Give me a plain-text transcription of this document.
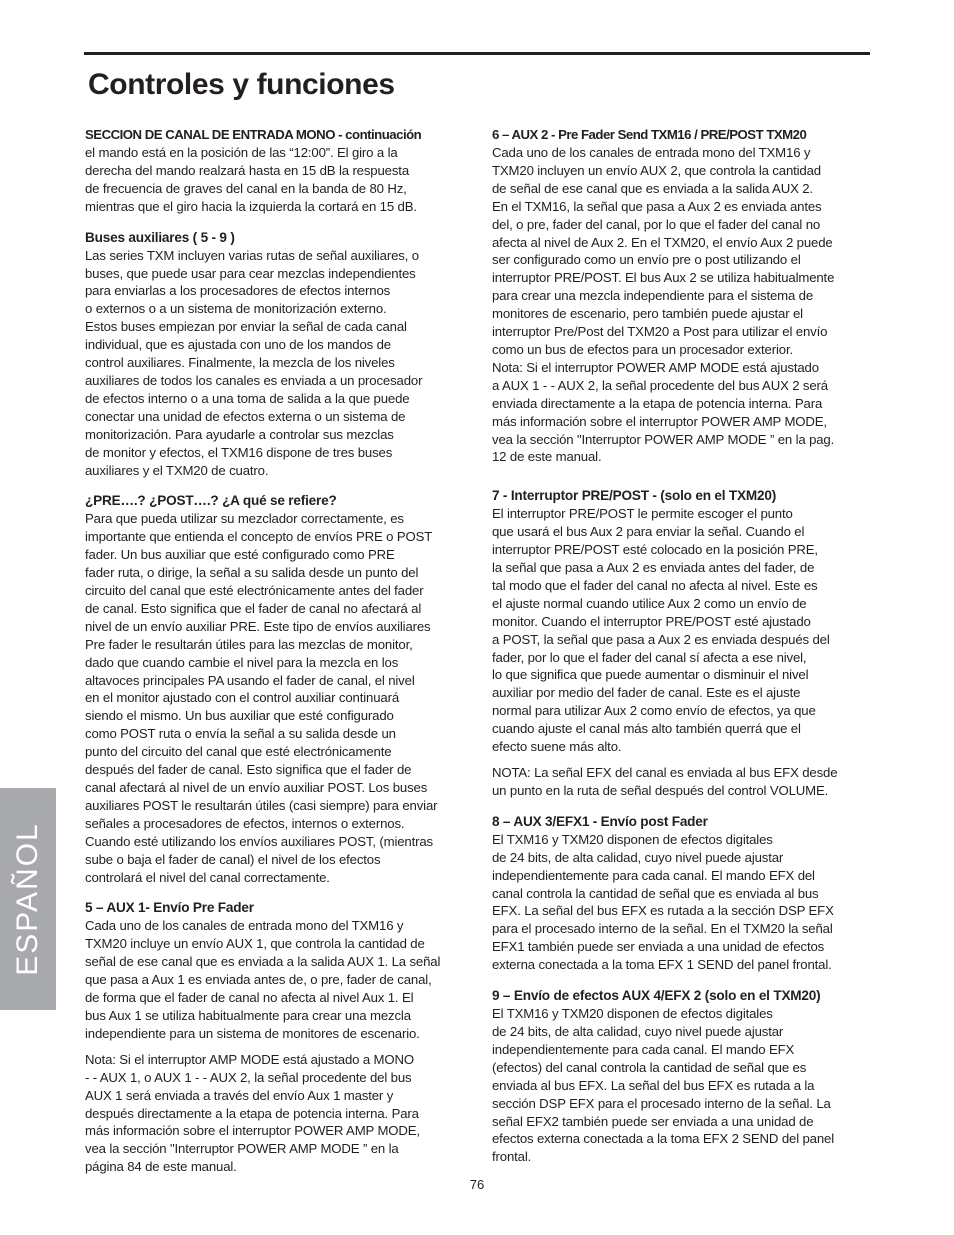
Controles y funciones
SECCION DE CANAL DE ENTRADA MONO - continuación

el mando está en la posición de las “12:00”. El giro a la
derecha del mando realzará hasta en 15 dB la respuesta
de frecuencia de graves del canal en la banda de 80 Hz,
mientras que el giro hacia la izquierda la cortará en 15 dB.

Buses auxiliares ( 5 - 9 )

Las series TXM incluyen varias rutas de señal auxiliares, o
buses, que puede usar para cear mezclas independientes
para enviarlas a los procesadores de efectos internos
o externos o a un sistema de monitorización externo.
Estos buses empiezan por enviar la señal de cada canal
individual, que es ajustada con uno de los mandos de
control auxiliares. Finalmente, la mezcla de los niveles
auxiliares de todos los canales es enviada a un procesador
de efectos interno o a una toma de salida a la que puede
conectar una unidad de efectos externa o un sistema de
monitorización. Para ayudarle a controlar sus mezclas
de monitor y efectos, el TXM16 dispone de tres buses
auxiliares y el TXM20 de cuatro.

¿PRE….? ¿POST….? ¿A qué se refiere?

Para que pueda utilizar su mezclador correctamente, es
importante que entienda el concepto de envíos PRE o POST
fader. Un bus auxiliar que esté configurado como PRE
fader ruta, o dirige, la señal a su salida desde un punto del
circuito del canal que esté electrónicamente antes del fader
de canal. Esto significa que el fader de canal no afectará al
nivel de un envío auxiliar PRE. Este tipo de envíos auxiliares
Pre fader le resultarán útiles para las mezclas de monitor,
dado que cuando cambie el nivel para la mezcla en los
altavoces principales PA usando el fader de canal, el nivel
en el monitor ajustado con el control auxiliar continuará
siendo el mismo. Un bus auxiliar que esté configurado
como POST ruta o envía la señal a su salida desde un
punto del circuito del canal que esté electrónicamente
después del fader de canal. Esto significa que el fader de
canal afectará al nivel de un envío auxiliar POST. Los buses
auxiliares POST le resultarán útiles (casi siempre) para enviar
señales a procesadores de efectos, internos o externos.
Cuando esté utilizando los envíos auxiliares POST, (mientras
sube o baja el fader de canal) el nivel de los efectos
controlará el nivel del canal correctamente.

5 – AUX 1- Envío Pre Fader

Cada uno de los canales de entrada mono del TXM16 y
TXM20 incluye un envío AUX 1, que controla la cantidad de
señal de ese canal que es enviada a la salida AUX 1. La señal
que pasa a Aux 1 es enviada antes de, o pre, fader de canal,
de forma que el fader de canal no afecta al nivel Aux 1. El
bus Aux 1 se utiliza habitualmente para crear una mezcla
independiente para un sistema de monitores de escenario.

Nota: Si el interruptor AMP MODE está ajustado a MONO
- - AUX 1, o AUX 1 - - AUX 2, la señal procedente del bus
AUX 1 será enviada a través del envío Aux 1 master y
después directamente a la etapa de potencia interna. Para
más información sobre el interruptor POWER AMP MODE,
vea la sección "Interruptor POWER AMP MODE ” en la
página 84 de este manual.

6 – AUX 2 - Pre Fader Send TXM16 / PRE/POST TXM20

Cada uno de los canales de entrada mono del TXM16 y
TXM20 incluyen un envío AUX 2, que controla la cantidad
de señal de ese canal que es enviada a la salida AUX 2.
En el TXM16, la señal que pasa a Aux 2 es enviada antes
del, o pre, fader del canal, por lo que el fader del canal no
afecta al nivel de Aux 2. En el TXM20, el envío Aux 2 puede
ser configurado como un envío pre o post utilizando el
interruptor PRE/POST. El bus Aux 2 se utiliza habitualmente
para crear una mezcla independiente para el sistema de
monitores de escenario, pero también puede ajustar el
interruptor Pre/Post del TXM20 a Post para utilizar el envío
como un bus de efectos para un procesador exterior.
Nota: Si el interruptor POWER AMP MODE está ajustado
a AUX 1 - - AUX 2, la señal procedente del bus AUX 2 será
enviada directamente a la etapa de potencia interna. Para
más información sobre el interruptor POWER AMP MODE,
vea la sección "Interruptor POWER AMP MODE ” en la pag.
12 de este manual.

7 - Interruptor PRE/POST - (solo en el TXM20)

El interruptor PRE/POST le permite escoger el punto
que usará el bus Aux 2 para enviar la señal. Cuando el
interruptor PRE/POST esté colocado en la posición PRE,
la señal que pasa a Aux 2 es enviada antes del fader, de
tal modo que el fader del canal no afecta al nivel. Este es
el ajuste normal cuando utilice Aux 2 como un envío de
monitor. Cuando el interruptor PRE/POST esté ajustado
a POST, la señal que pasa a Aux 2 es enviada después del
fader, por lo que el fader del canal sí afecta a ese nivel,
lo que significa que puede aumentar o disminuir el nivel
auxiliar por medio del fader de canal. Este es el ajuste
normal para utilizar Aux 2 como envío de efectos, ya que
cuando ajuste el canal más alto también querrá que el
efecto suene más alto.

NOTA: La señal EFX del canal es enviada al bus EFX desde
un punto en la ruta de señal después del control VOLUME.

8 – AUX 3/EFX1 - Envío post Fader

El TXM16 y TXM20 disponen de efectos digitales
de 24 bits, de alta calidad, cuyo nivel puede ajustar
independientemente para cada canal. El mando EFX del
canal controla la cantidad de señal que es enviada al bus
EFX. La señal del bus EFX es rutada a la sección DSP EFX
para el procesado interno de la señal. En el TXM20 la señal
EFX1 también puede ser enviada a una unidad de efectos
externa conectada a la toma EFX 1 SEND del panel frontal.

9 – Envío de efectos AUX 4/EFX 2 (solo en el TXM20)

El TXM16 y TXM20 disponen de efectos digitales
de 24 bits, de alta calidad, cuyo nivel puede ajustar
independientemente para cada canal. El mando EFX
(efectos) del canal controla la cantidad de señal que es
enviada al bus EFX. La señal del bus EFX es rutada a la
sección DSP EFX para el procesado interno de la señal. La
señal EFX2 también puede ser enviada a una unidad de
efectos externa conectada a la toma EFX 2 SEND del panel
frontal.

ESPAÑOL
76
